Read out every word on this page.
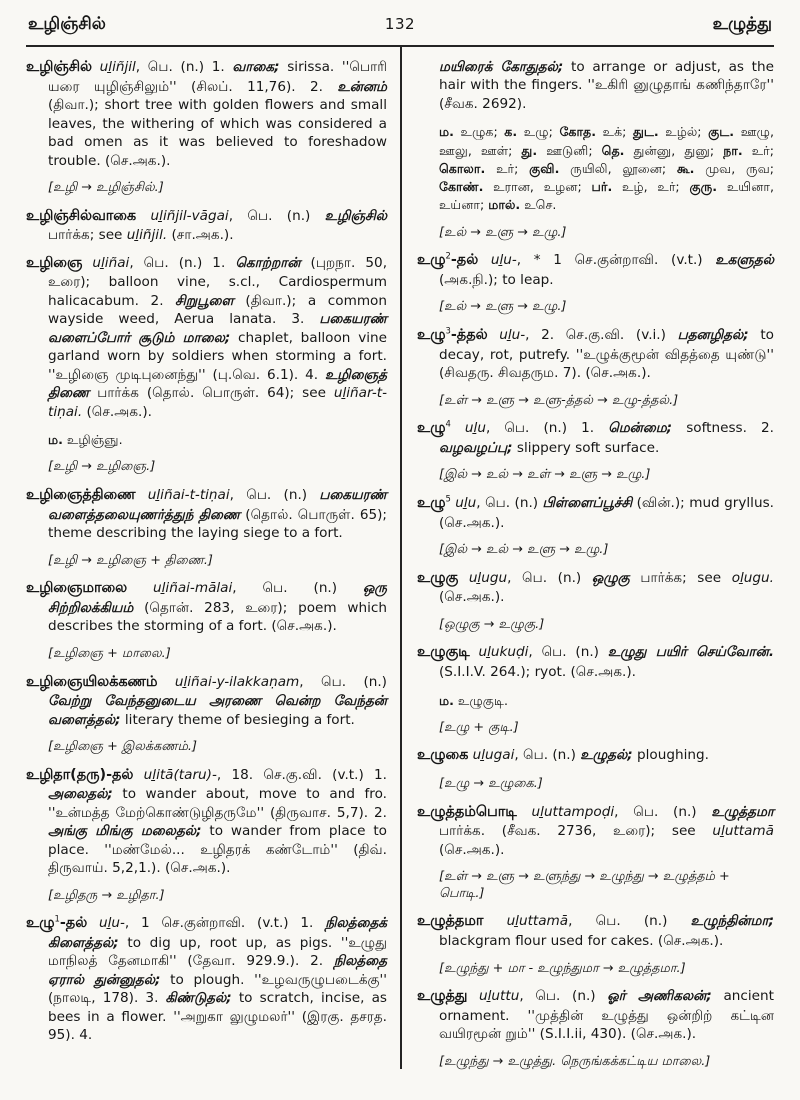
உழிஞ்சில்	132	உழுத்து

உழிஞ்சில் uḻiñjil, பெ. (n.) 1. வாகை; sirissa. ''பொரி யரை யுழிஞ்சிலும்'' (சிலப். 11,76). 2. உன்னம் (திவா.); short tree with golden flowers and small leaves, the withering of which was considered a bad omen as it was believed to foreshadow trouble. (செ.அக.).

[உழி → உழிஞ்சில்.]

உழிஞ்சில்வாகை uḻiñjil-vāgai, பெ. (n.) உழிஞ்சில் பார்க்க; see uḻiñjil. (சா.அக.).

உழிஞை uḻiñai, பெ. (n.) 1. கொற்றான் (புறநா. 50, உரை); balloon vine, s.cl., Cardiospermum halicacabum. 2. சிறுபூளை (திவா.); a common wayside weed, Aerua lanata. 3. பகையரண் வளைப்போர் சூடும் மாலை; chaplet, balloon vine garland worn by soldiers when storming a fort. ''உழிஞை முடிபுனைந்து'' (பு.வெ. 6.1). 4. உழிஞைத் திணை பார்க்க (தொல். பொருள். 64); see uḻiñar-t-tiṇai. (செ.அக.).

ம. உழிஞ்ஞு.

[உழி → உழிஞை.]

உழிஞைத்திணை uḻiñai-t-tiṇai, பெ. (n.) பகையரண் வளைத்தலையுணர்த்துந் திணை (தொல். பொருள். 65); theme describing the laying siege to a fort.

[உழி → உழிஞை + திணை.]

உழிஞைமாலை uḻiñai-mālai, பெ. (n.) ஒரு சிற்றிலக்கியம் (தொன். 283, உரை); poem which describes the storming of a fort. (செ.அக.).

[உழிஞை + மாலை.]

உழிஞையிலக்கணம் uḻiñai-y-ilakkaṇam, பெ. (n.) வேற்று வேந்தனுடைய அரணை வென்ற வேந்தன் வளைத்தல்; literary theme of besieging a fort.

[உழிஞை + இலக்கணம்.]

உழிதா(தரு)-தல் uḻitā(taru)-, 18. செ.கு.வி. (v.t.) 1. அலைதல்; to wander about, move to and fro. ''உன்மத்த மேற்கொண்டுழிதருமே'' (திருவாச. 5,7). 2. அங்கு மிங்கு மலைதல்; to wander from place to place. ''மண்மேல்... உழிதரக் கண்டோம்'' (திவ். திருவாய். 5,2,1.). (செ.அக.).

[உழிதரு → உழிதா.]

உழு$^1$-தல் uḻu-, 1 செ.குன்றாவி. (v.t.) 1. நிலத்தைக் கிளைத்தல்; to dig up, root up, as pigs. ''உழுது மாநிலத் தேனமாகி'' (தேவா. 929.9.). 2. நிலத்தை ஏரால் துன்னுதல்; to plough. ''உழவருழுபடைக்கு'' (நாலடி, 178). 3. கிண்டுதல்; to scratch, incise, as bees in a flower. ''அறுகா லுழுமலர்'' (இரகு. தசரத. 95). 4.

மயிரைக் கோதுதல்; to arrange or adjust, as the hair with the fingers. ''உகிரி னுழுதாங் கணிந்தாரே'' (சீவக. 2692).

ம. உழுக; க. உழு; கோத. உக்; துட. உழ்ல்; குட. ஊழு, ஊலு, ஊள்; து. ஊடுனி; தெ. துன்னு, துனு; நா. உர்; கொலா. உர்; குவி. ருயிலி, லூனை; கூ. முவ, ருவ; கோண். உரான, உழன; பர். உழ், உர்; குரு. உயினா, உய்னா; மால். உசெ.

[உல் → உளு → உழு.]

உழு$^2$-தல் uḻu-, * 1 செ.குன்றாவி. (v.t.) உகளுதல் (அக.நி.); to leap.

[உல் → உளு → உழு.]

உழு$^3$-த்தல் uḻu-, 2. செ.கு.வி. (v.i.) பதனழிதல்; to decay, rot, putrefy. ''உழுக்குமூன் விதத்தை யுண்டு'' (சிவதரு. சிவதரும. 7). (செ.அக.).

[உள் → உளு → உளு-த்தல் → உழு-த்தல்.]

உழு$^4$ uḻu, பெ. (n.) 1. மென்மை; softness. 2. வழவழப்பு; slippery soft surface.

[இல் → உல் → உள் → உளு → உழு.]

உழு$^5$ uḻu, பெ. (n.) பிள்ளைப்பூச்சி (வின்.); mud gryllus. (செ.அக.).

[இல் → உல் → உளு → உழு.]

உழுகு uḻugu, பெ. (n.) ஒழுகு பார்க்க; see oḻugu. (செ.அக.).

[ஒழுகு → உழுகு.]

உழுகுடி uḻukuḍi, பெ. (n.) உழுது பயிர் செய்வோன். (S.I.I.V. 264.); ryot. (செ.அக.).

ம. உழுகுடி.

[உழு + குடி.]

உழுகை uḻugai, பெ. (n.) உழுதல்; ploughing.

[உழு → உழுகை.]

உழுத்தம்பொடி uḻuttampoḍi, பெ. (n.) உழுத்தமா பார்க்க. (சீவக. 2736, உரை); see uḻuttamā (செ.அக.).

[உள் → உளு → உளுந்து → உழுந்து → உழுத்தம் + பொடி.]

உழுத்தமா uḻuttamā, பெ. (n.) உழுந்தின்மா; blackgram flour used for cakes. (செ.அக.).

[உழுந்து + மா - உழுந்துமா → உழுத்தமா.]

உழுத்து uḻuttu, பெ. (n.) ஓர் அணிகலன்; ancient ornament. ''முத்தின் உழுத்து ஒன்றிற் கட்டின வயிரமூன் றும்'' (S.I.I.ii, 430). (செ.அக.).

[உழுந்து → உழுத்து. நெருங்கக்கட்டிய மாலை.]
